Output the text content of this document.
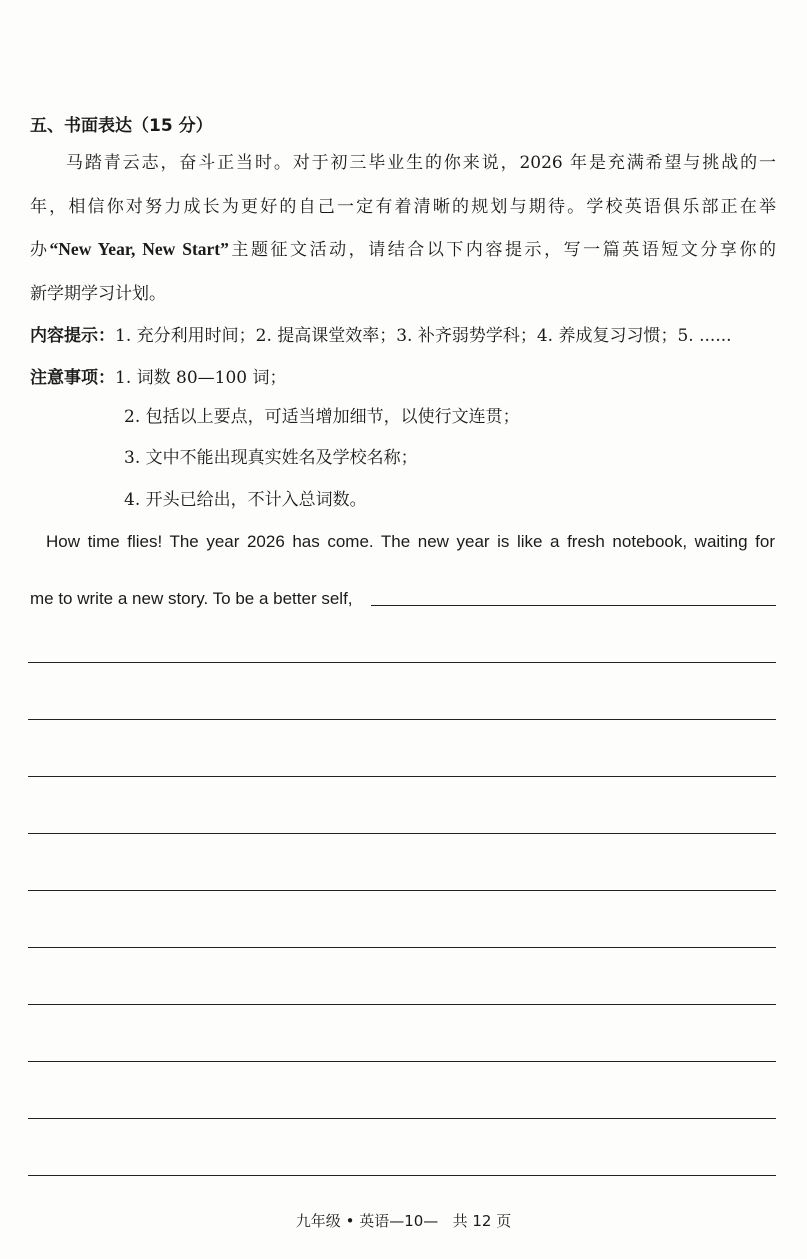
五、书面表达（15 分）
马踏青云志，奋斗正当时。对于初三毕业生的你来说，2026 年是充满希望与挑战的一
年，相信你对努力成长为更好的自己一定有着清晰的规划与期待。学校英语俱乐部正在举
办“New Year, New Start”主题征文活动，请结合以下内容提示，写一篇英语短文分享你的
新学期学习计划。
内容提示：1. 充分利用时间；2. 提高课堂效率；3. 补齐弱势学科；4. 养成复习习惯；5. ......
注意事项：1. 词数 80—100 词；
2. 包括以上要点，可适当增加细节，以使行文连贯；
3. 文中不能出现真实姓名及学校名称；
4. 开头已给出，不计入总词数。
How time flies! The year 2026 has come. The new year is like a fresh notebook, waiting for
me to write a new story. To be a better self,
九年级 • 英语—10— 共 12 页
